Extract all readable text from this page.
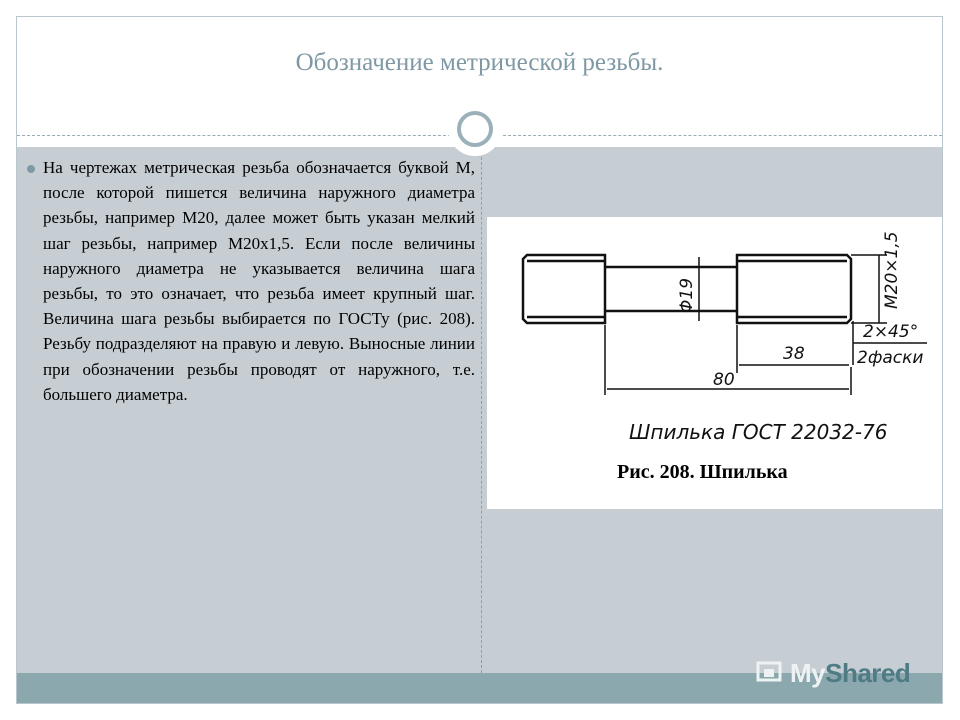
Обозначение метрической резьбы.
На чертежах метрическая резьба обозначается буквой М, после которой пишется величина наружного диаметра резьбы, например М20, далее может быть указан мелкий шаг резьбы, например М20х1,5. Если после величины наружного диаметра не указывается величина шага резьбы, то это означает, что резьба имеет крупный шаг. Величина шага резьбы выбирается по ГОСТу (рис. 208). Резьбу подразделяют на правую и левую. Выносные линии при обозначении резьбы проводят от наружного, т.е. большего диаметра.
Φ19	M20×1,5
2×45°
2фаски
38
80
Шпилька ГОСТ 22032-76
Рис. 208. Шпилька
MyShared
